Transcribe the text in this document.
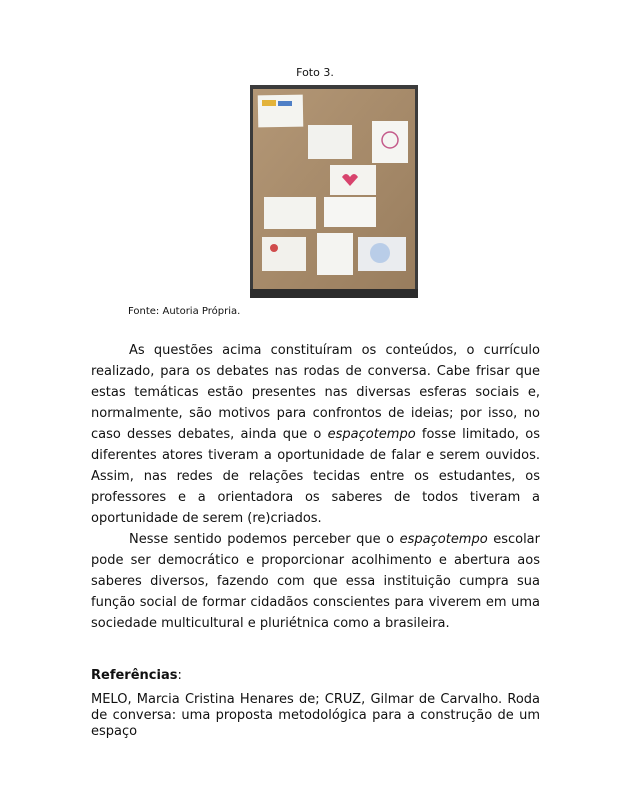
Foto 3.
Fonte: Autoria Própria.

As questões acima constituíram os conteúdos, o currículo realizado, para os debates nas rodas de conversa. Cabe frisar que estas temáticas estão presentes nas diversas esferas sociais e, normalmente, são motivos para confrontos de ideias; por isso, no caso desses debates, ainda que o espaçotempo fosse limitado, os diferentes atores tiveram a oportunidade de falar e serem ouvidos. Assim, nas redes de relações tecidas entre os estudantes, os professores e a orientadora os saberes de todos tiveram a oportunidade de serem (re)criados.

Nesse sentido podemos perceber que o espaçotempo escolar pode ser democrático e proporcionar acolhimento e abertura aos saberes diversos, fazendo com que essa instituição cumpra sua função social de formar cidadãos conscientes para viverem em uma sociedade multicultural e pluriétnica como a brasileira.

Referências:
MELO, Marcia Cristina Henares de; CRUZ, Gilmar de Carvalho. Roda de conversa: uma proposta metodológica para a construção de um espaço
